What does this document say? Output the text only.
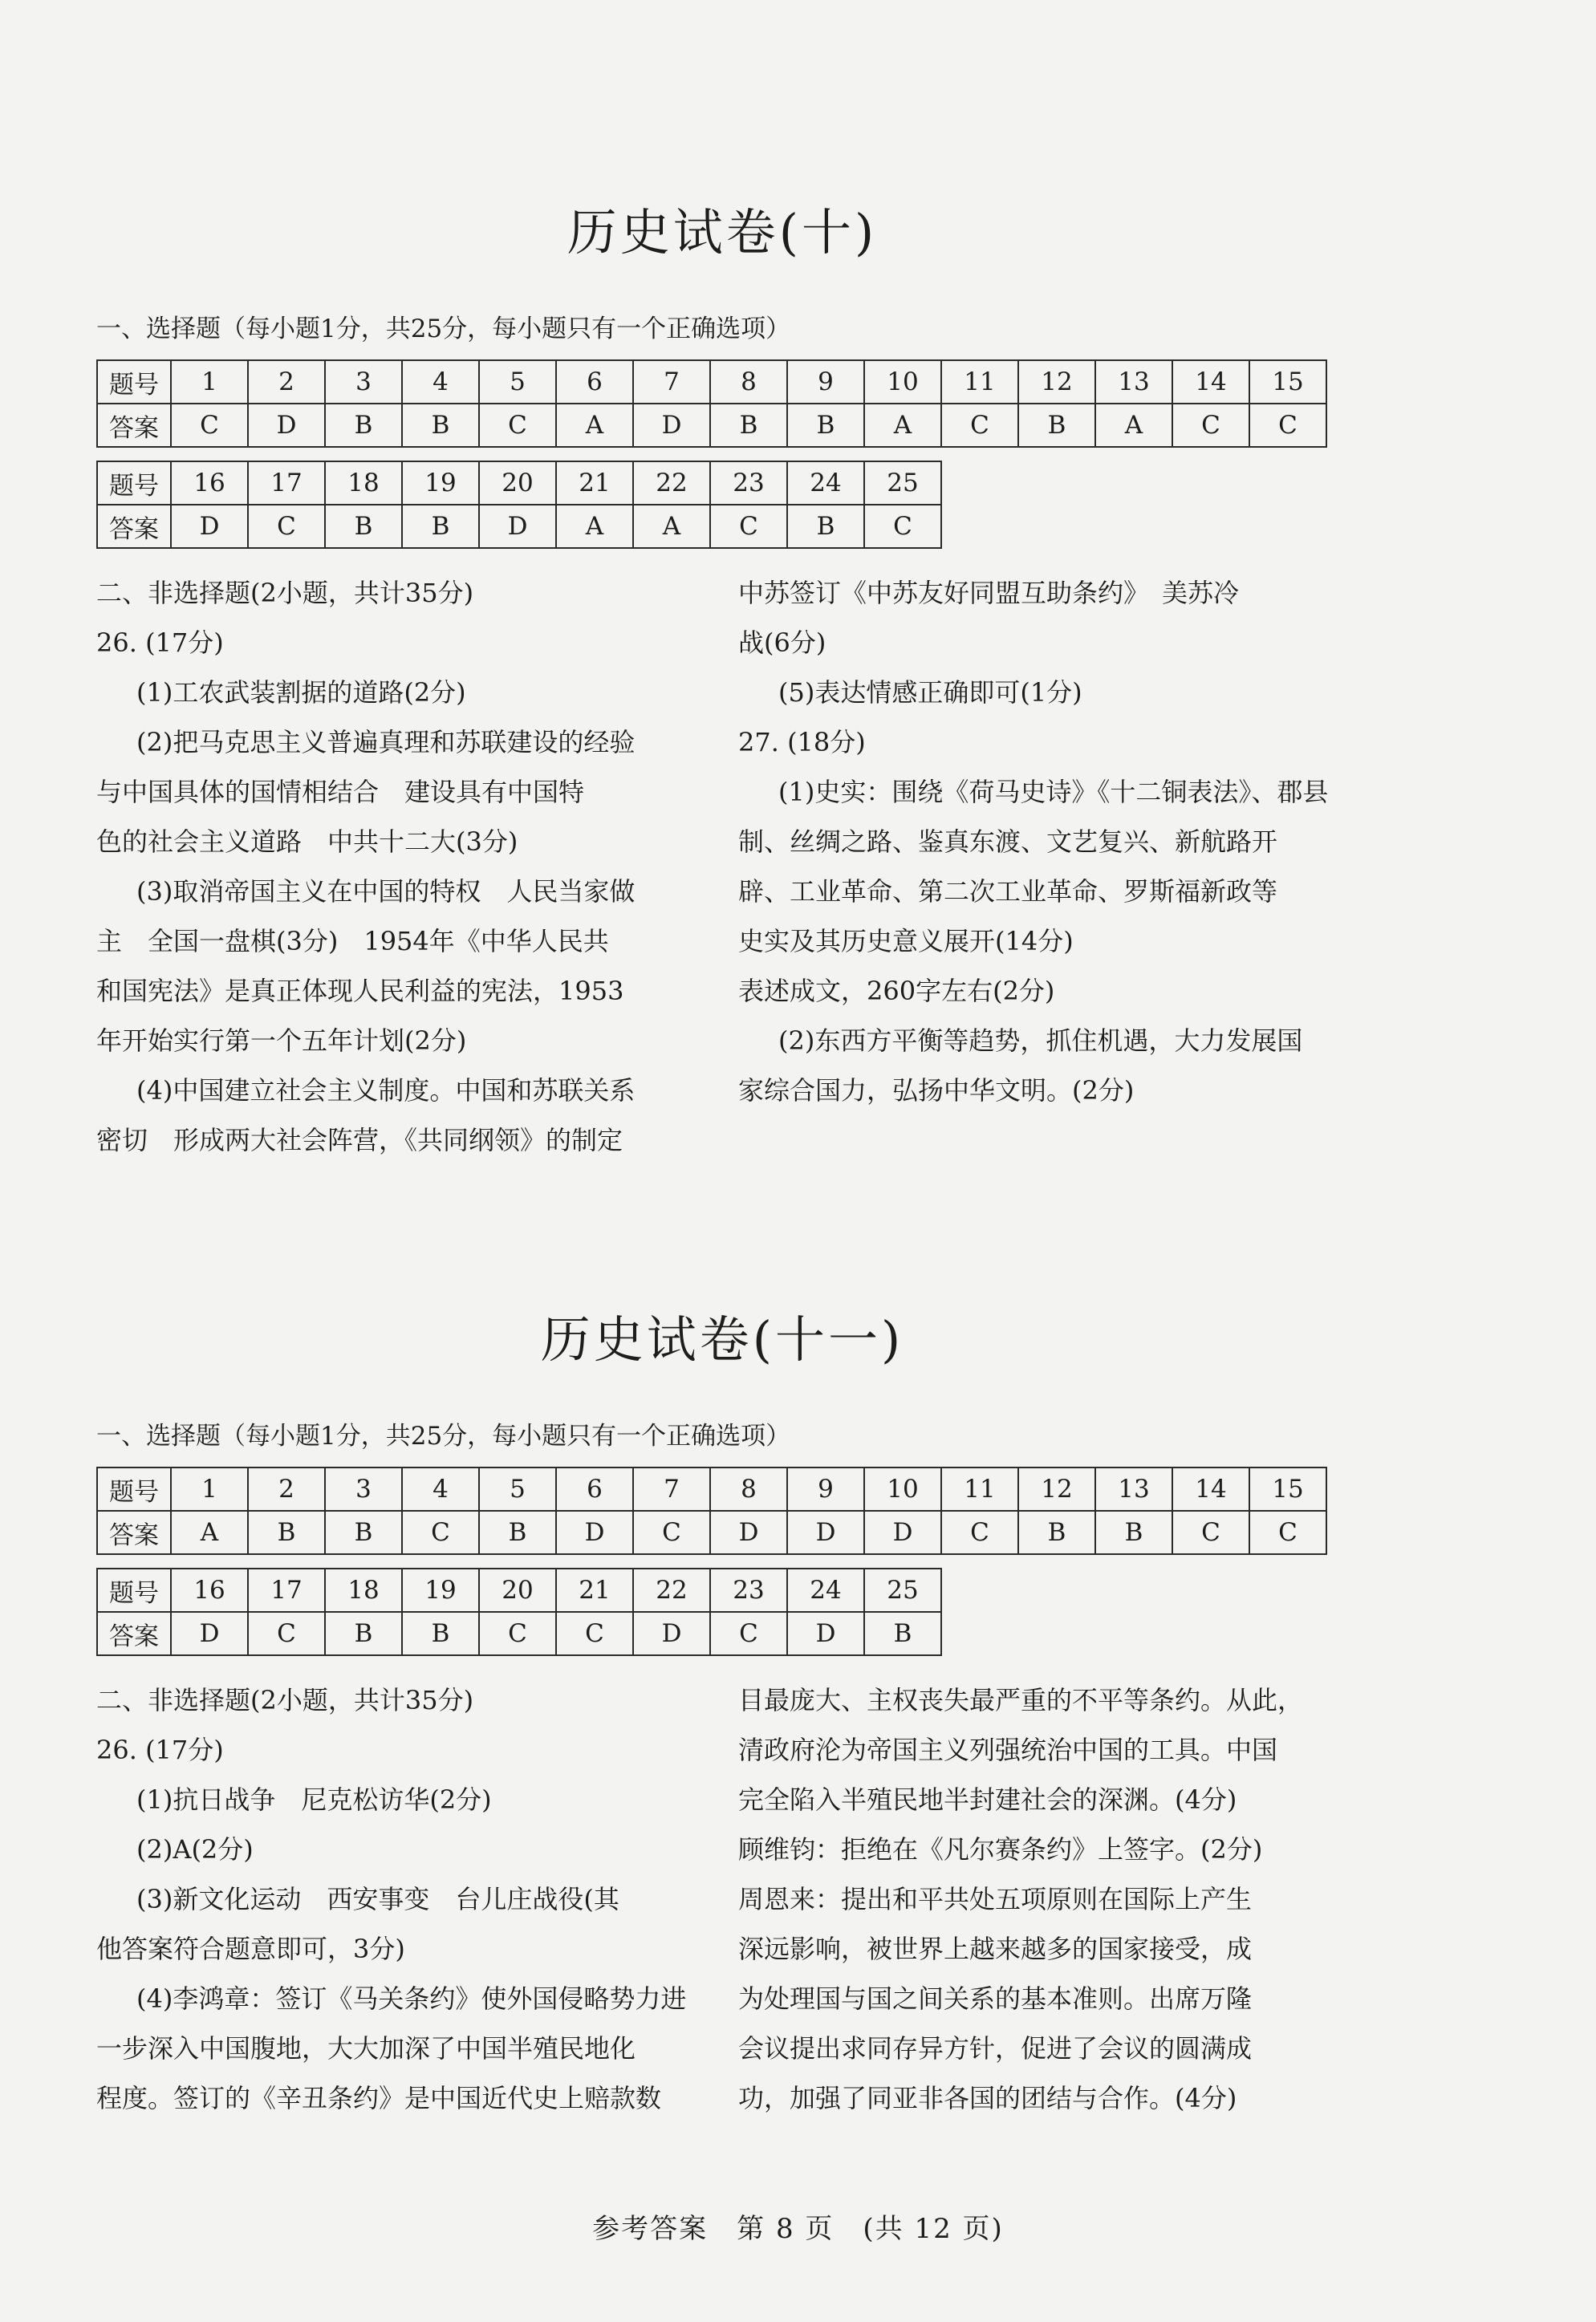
历史试卷(十)
一、选择题（每小题1分，共25分，每小题只有一个正确选项）
题号	1	2	3	4	5	6	7	8	9	10	11	12	13	14	15
答案	C	D	B	B	C	A	D	B	B	A	C	B	A	C	C
题号	16	17	18	19	20	21	22	23	24	25
答案	D	C	B	B	D	A	A	C	B	C

二、非选择题(2小题，共计35分)

26. (17分)

(1)工农武装割据的道路(2分)

(2)把马克思主义普遍真理和苏联建设的经验

与中国具体的国情相结合　建设具有中国特

色的社会主义道路　中共十二大(3分)

(3)取消帝国主义在中国的特权　人民当家做

主　全国一盘棋(3分)　1954年《中华人民共

和国宪法》是真正体现人民利益的宪法，1953

年开始实行第一个五年计划(2分)

(4)中国建立社会主义制度。中国和苏联关系

密切　形成两大社会阵营，《共同纲领》的制定

中苏签订《中苏友好同盟互助条约》　美苏冷

战(6分)

(5)表达情感正确即可(1分)

27. (18分)

(1)史实：围绕《荷马史诗》《十二铜表法》、郡县

制、丝绸之路、鉴真东渡、文艺复兴、新航路开

辟、工业革命、第二次工业革命、罗斯福新政等

史实及其历史意义展开(14分)

表述成文，260字左右(2分)

(2)东西方平衡等趋势，抓住机遇，大力发展国

家综合国力，弘扬中华文明。(2分)

历史试卷(十一)
一、选择题（每小题1分，共25分，每小题只有一个正确选项）
题号	1	2	3	4	5	6	7	8	9	10	11	12	13	14	15
答案	A	B	B	C	B	D	C	D	D	D	C	B	B	C	C
题号	16	17	18	19	20	21	22	23	24	25
答案	D	C	B	B	C	C	D	C	D	B

二、非选择题(2小题，共计35分)

26. (17分)

(1)抗日战争　尼克松访华(2分)

(2)A(2分)

(3)新文化运动　西安事变　台儿庄战役(其

他答案符合题意即可，3分)

(4)李鸿章：签订《马关条约》使外国侵略势力进

一步深入中国腹地，大大加深了中国半殖民地化

程度。签订的《辛丑条约》是中国近代史上赔款数

目最庞大、主权丧失最严重的不平等条约。从此，

清政府沦为帝国主义列强统治中国的工具。中国

完全陷入半殖民地半封建社会的深渊。(4分)

顾维钧：拒绝在《凡尔赛条约》上签字。(2分)

周恩来：提出和平共处五项原则在国际上产生

深远影响，被世界上越来越多的国家接受，成

为处理国与国之间关系的基本准则。出席万隆

会议提出求同存异方针，促进了会议的圆满成

功，加强了同亚非各国的团结与合作。(4分)

参考答案　第 8 页　(共 12 页)
